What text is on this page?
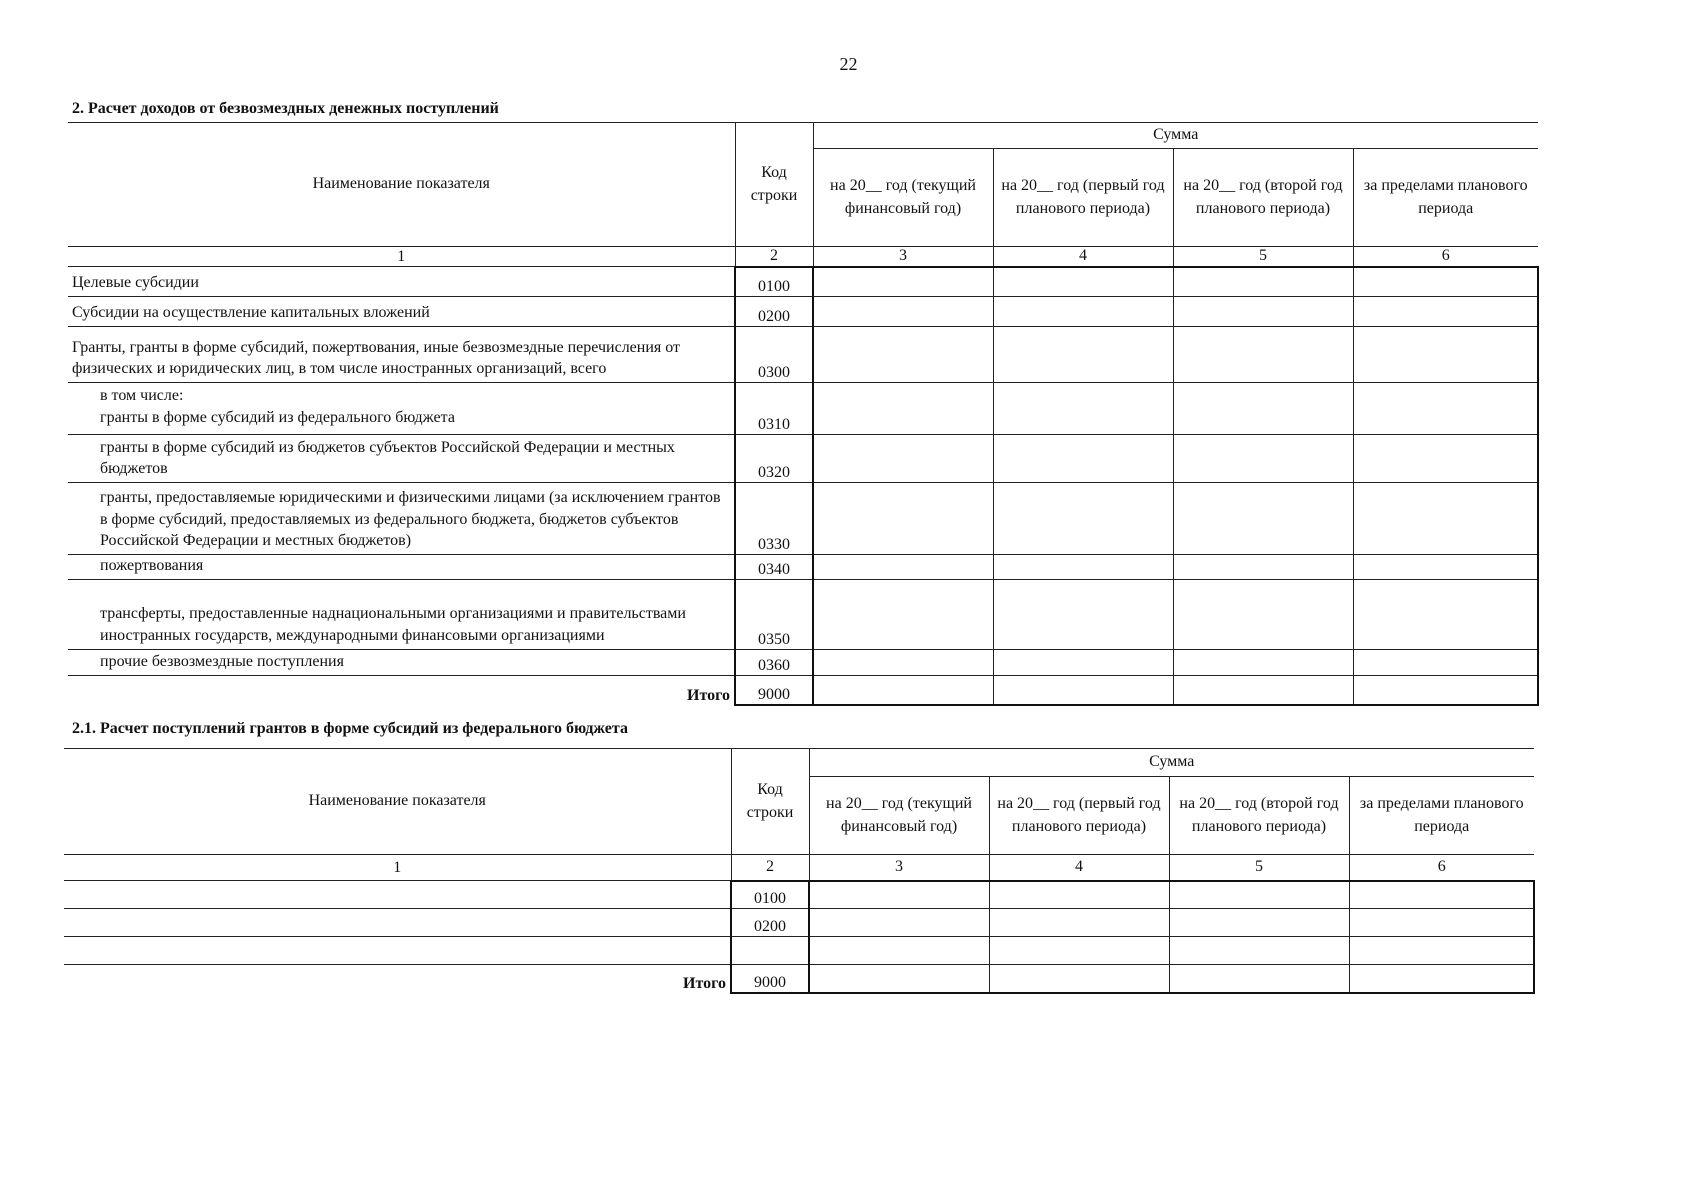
22
2. Расчет доходов от безвозмездных денежных поступлений
Наименование показателя	Код строки	Сумма			
		на 20__ год (текущий финансовый год)	на 20__ год (первый год планового периода)	на 20__ год (второй год планового периода)	за пределами планового периода
1	2	3	4	5	6
Целевые субсидии	0100				
Субсидии на осуществление капитальных вложений	0200				
Гранты, гранты в форме субсидий, пожертвования, иные безвозмездные перечисления от физических и юридических лиц, в том числе иностранных организаций, всего	0300				

в том числе:
гранты в форме субсидий из федерального бюджета	0310				
гранты в форме субсидий из бюджетов субъектов Российской Федерации и местных бюджетов	0320				
гранты, предоставляемые юридическими и физическими лицами (за исключением грантов в форме субсидий, предоставляемых из федерального бюджета, бюджетов субъектов Российской Федерации и местных бюджетов)	0330				
пожертвования	0340				
трансферты, предоставленные наднациональными организациями и правительствами иностранных государств, международными финансовыми организациями	0350				
прочие безвозмездные поступления	0360				
Итого	9000				
2.1. Расчет поступлений грантов в форме субсидий из федерального бюджета
Наименование показателя	Код строки	Сумма			
		на 20__ год (текущий финансовый год)	на 20__ год (первый год планового периода)	на 20__ год (второй год планового периода)	за пределами планового периода
1	2	3	4	5	6
	0100				
	0200				

Итого	9000				
